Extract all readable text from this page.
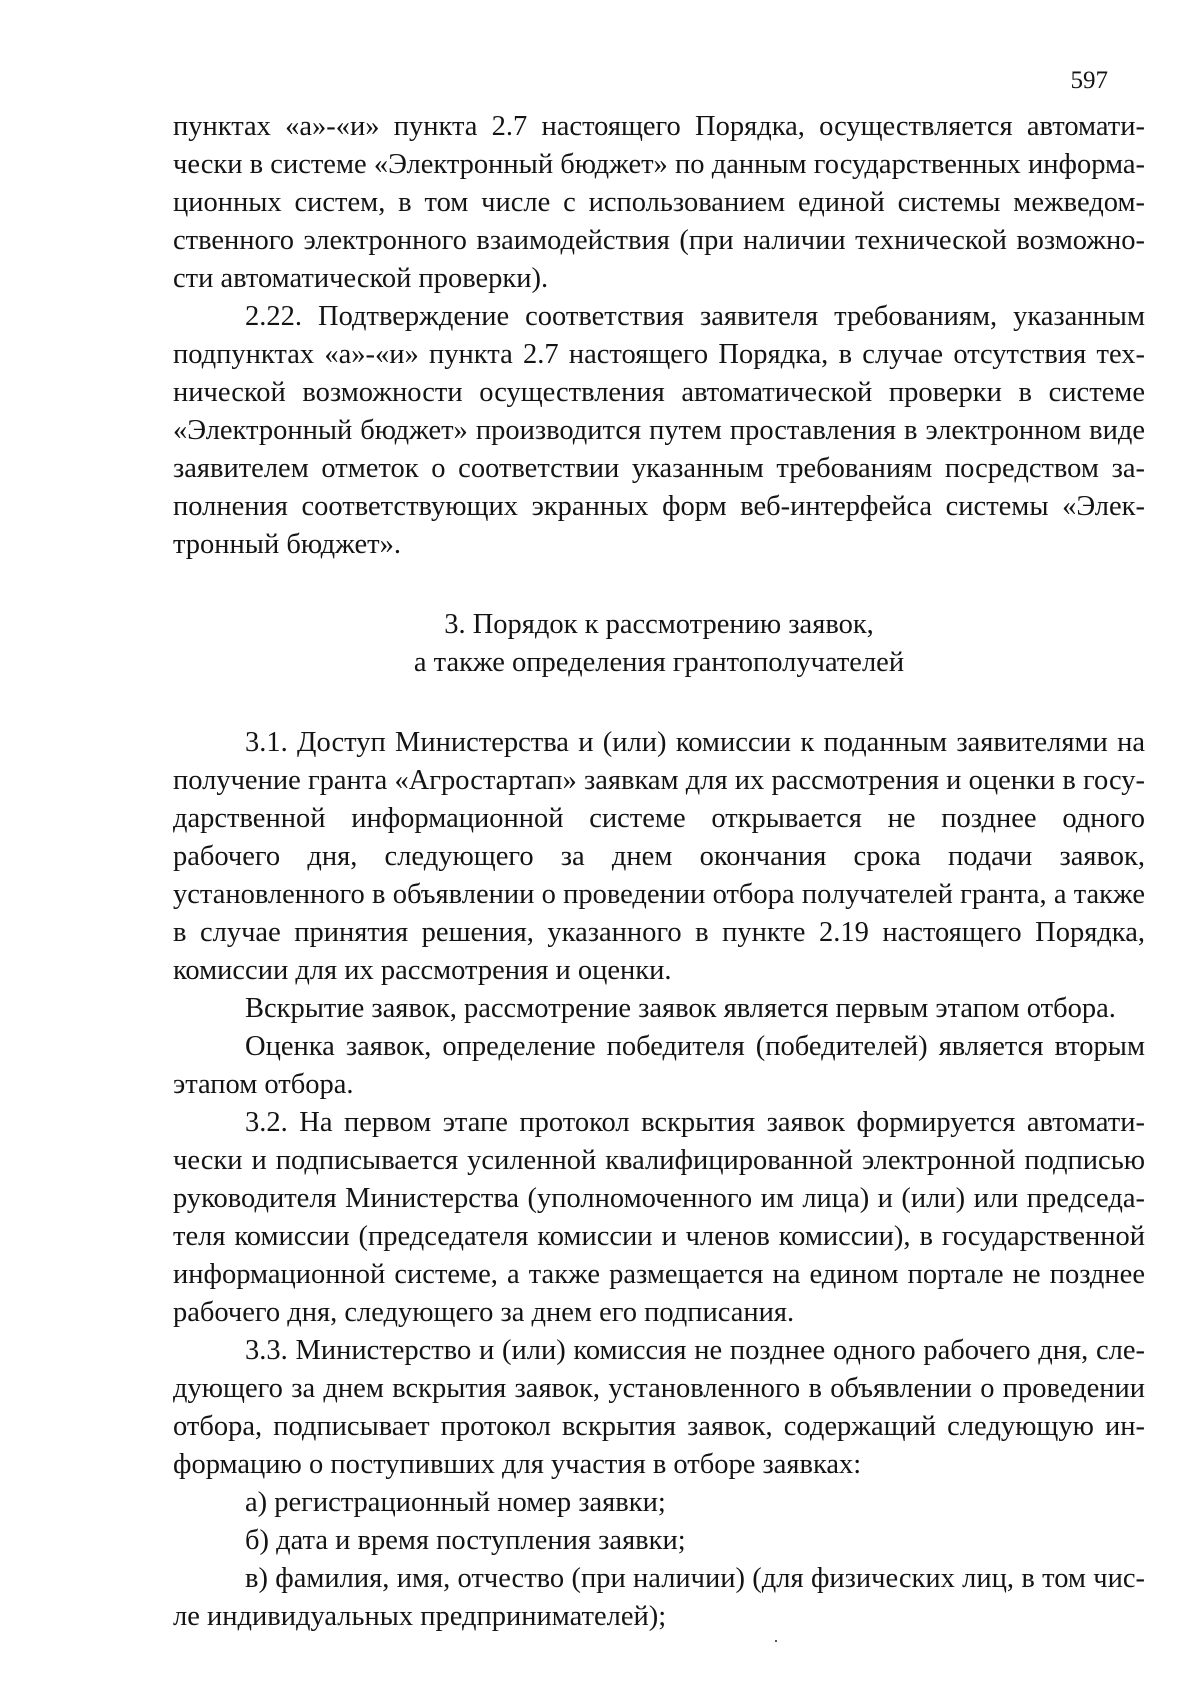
597

пунктах «а»-«и» пункта 2.7 настоящего Порядка, осуществляется автоматически в системе «Электронный бюджет» по данным государственных информационных систем, в том числе с использованием единой системы межведомственного электронного взаимодействия (при наличии технической возможности автоматической проверки).

2.22. Подтверждение соответствия заявителя требованиям, указанным подпунктах «а»-«и» пункта 2.7 настоящего Порядка, в случае отсутствия технической возможности осуществления автоматической проверки в системе «Электронный бюджет» производится путем проставления в электронном виде заявителем отметок о соответствии указанным требованиям посредством заполнения соответствующих экранных форм веб-интерфейса системы «Электронный бюджет».

3. Порядок к рассмотрению заявок,
а также определения грантополучателей

3.1. Доступ Министерства и (или) комиссии к поданным заявителями на получение гранта «Агростартап» заявкам для их рассмотрения и оценки в государственной информационной системе открывается не позднее одного рабочего дня, следующего за днем окончания срока подачи заявок, установленного в объявлении о проведении отбора получателей гранта, а также в случае принятия решения, указанного в пункте 2.19 настоящего Порядка, комиссии для их рассмотрения и оценки.

Вскрытие заявок, рассмотрение заявок является первым этапом отбора.

Оценка заявок, определение победителя (победителей) является вторым этапом отбора.

3.2. На первом этапе протокол вскрытия заявок формируется автоматически и подписывается усиленной квалифицированной электронной подписью руководителя Министерства (уполномоченного им лица) и (или) или председателя комиссии (председателя комиссии и членов комиссии), в государственной информационной системе, а также размещается на едином портале не позднее рабочего дня, следующего за днем его подписания.

3.3. Министерство и (или) комиссия не позднее одного рабочего дня, следующего за днем вскрытия заявок, установленного в объявлении о проведении отбора, подписывает протокол вскрытия заявок, содержащий следующую информацию о поступивших для участия в отборе заявках:

а) регистрационный номер заявки;

б) дата и время поступления заявки;

в) фамилия, имя, отчество (при наличии) (для физических лиц, в том числе индивидуальных предпринимателей);
